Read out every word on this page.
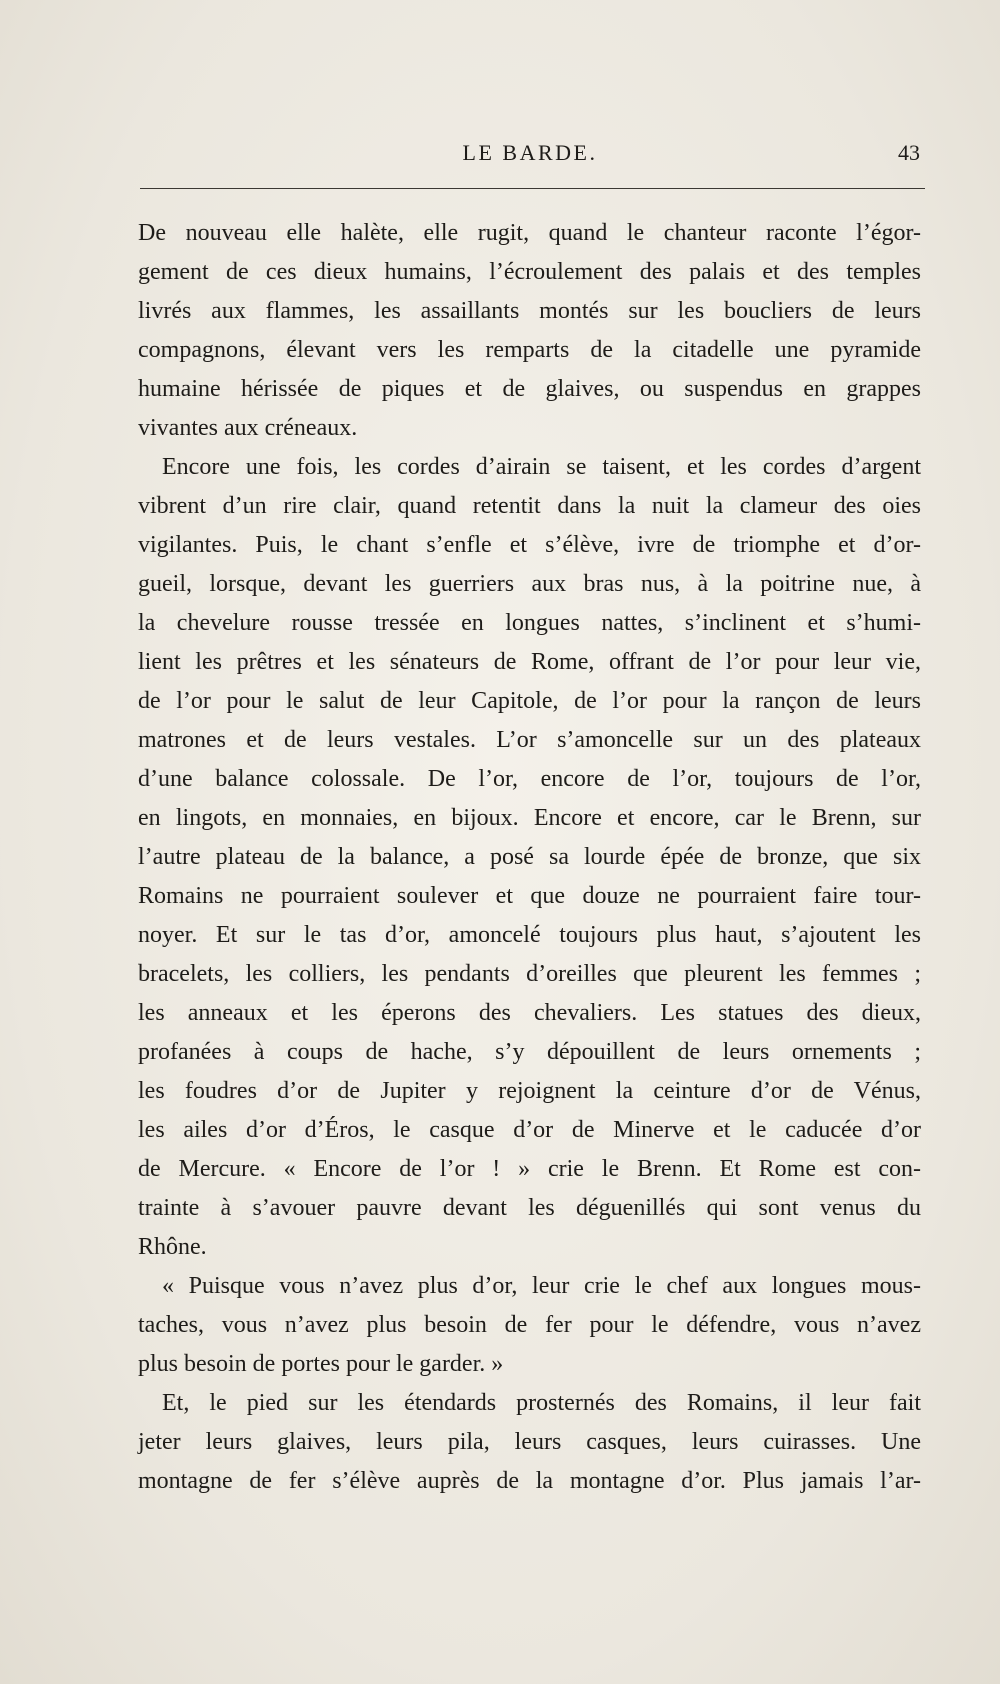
LE BARDE.	43
De nouveau elle halète, elle rugit, quand le chanteur raconte l’égor-
gement de ces dieux humains, l’écroulement des palais et des temples
livrés aux flammes, les assaillants montés sur les boucliers de leurs
compagnons, élevant vers les remparts de la citadelle une pyramide
humaine hérissée de piques et de glaives, ou suspendus en grappes
vivantes aux créneaux.
Encore une fois, les cordes d’airain se taisent, et les cordes d’argent
vibrent d’un rire clair, quand retentit dans la nuit la clameur des oies
vigilantes. Puis, le chant s’enfle et s’élève, ivre de triomphe et d’or-
gueil, lorsque, devant les guerriers aux bras nus, à la poitrine nue, à
la chevelure rousse tressée en longues nattes, s’inclinent et s’humi-
lient les prêtres et les sénateurs de Rome, offrant de l’or pour leur vie,
de l’or pour le salut de leur Capitole, de l’or pour la rançon de leurs
matrones et de leurs vestales. L’or s’amoncelle sur un des plateaux
d’une balance colossale. De l’or, encore de l’or, toujours de l’or,
en lingots, en monnaies, en bijoux. Encore et encore, car le Brenn, sur
l’autre plateau de la balance, a posé sa lourde épée de bronze, que six
Romains ne pourraient soulever et que douze ne pourraient faire tour-
noyer. Et sur le tas d’or, amoncelé toujours plus haut, s’ajoutent les
bracelets, les colliers, les pendants d’oreilles que pleurent les femmes ;
les anneaux et les éperons des chevaliers. Les statues des dieux,
profanées à coups de hache, s’y dépouillent de leurs ornements ;
les foudres d’or de Jupiter y rejoignent la ceinture d’or de Vénus,
les ailes d’or d’Éros, le casque d’or de Minerve et le caducée d’or
de Mercure. « Encore de l’or ! » crie le Brenn. Et Rome est con-
trainte à s’avouer pauvre devant les déguenillés qui sont venus du
Rhône.
« Puisque vous n’avez plus d’or, leur crie le chef aux longues mous-
taches, vous n’avez plus besoin de fer pour le défendre, vous n’avez
plus besoin de portes pour le garder. »
Et, le pied sur les étendards prosternés des Romains, il leur fait
jeter leurs glaives, leurs pila, leurs casques, leurs cuirasses. Une
montagne de fer s’élève auprès de la montagne d’or. Plus jamais l’ar-
